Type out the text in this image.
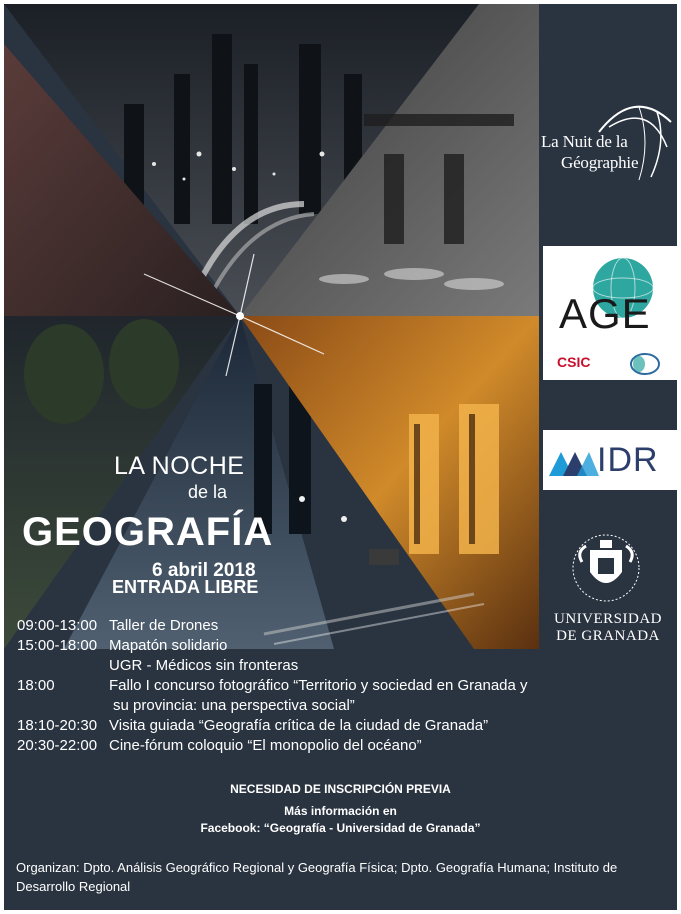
LA NOCHE
de la
GEOGRAFÍA
6 abril 2018
ENTRADA LIBRE
La Nuit de la
Géographie
AGE
CSIC
IDR
UNIVERSIDAD
DE GRANADA
09:00-13:00 Taller de Drones
15:00-18:00 Mapatón solidario
UGR - Médicos sin fronteras
18:00	Fallo I concurso fotográfico “Territorio y sociedad en Granada y
su provincia: una perspectiva social”
18:10-20:30 Visita guiada “Geografía crítica de la ciudad de Granada”
20:30-22:00 Cine-fórum coloquio “El monopolio del océano”
NECESIDAD DE INSCRIPCIÓN PREVIA
Más información en
Facebook: “Geografía - Universidad de Granada”
Organizan: Dpto. Análisis Geográfico Regional y Geografía Física; Dpto. Geografía Humana; Instituto de Desarrollo Regional
